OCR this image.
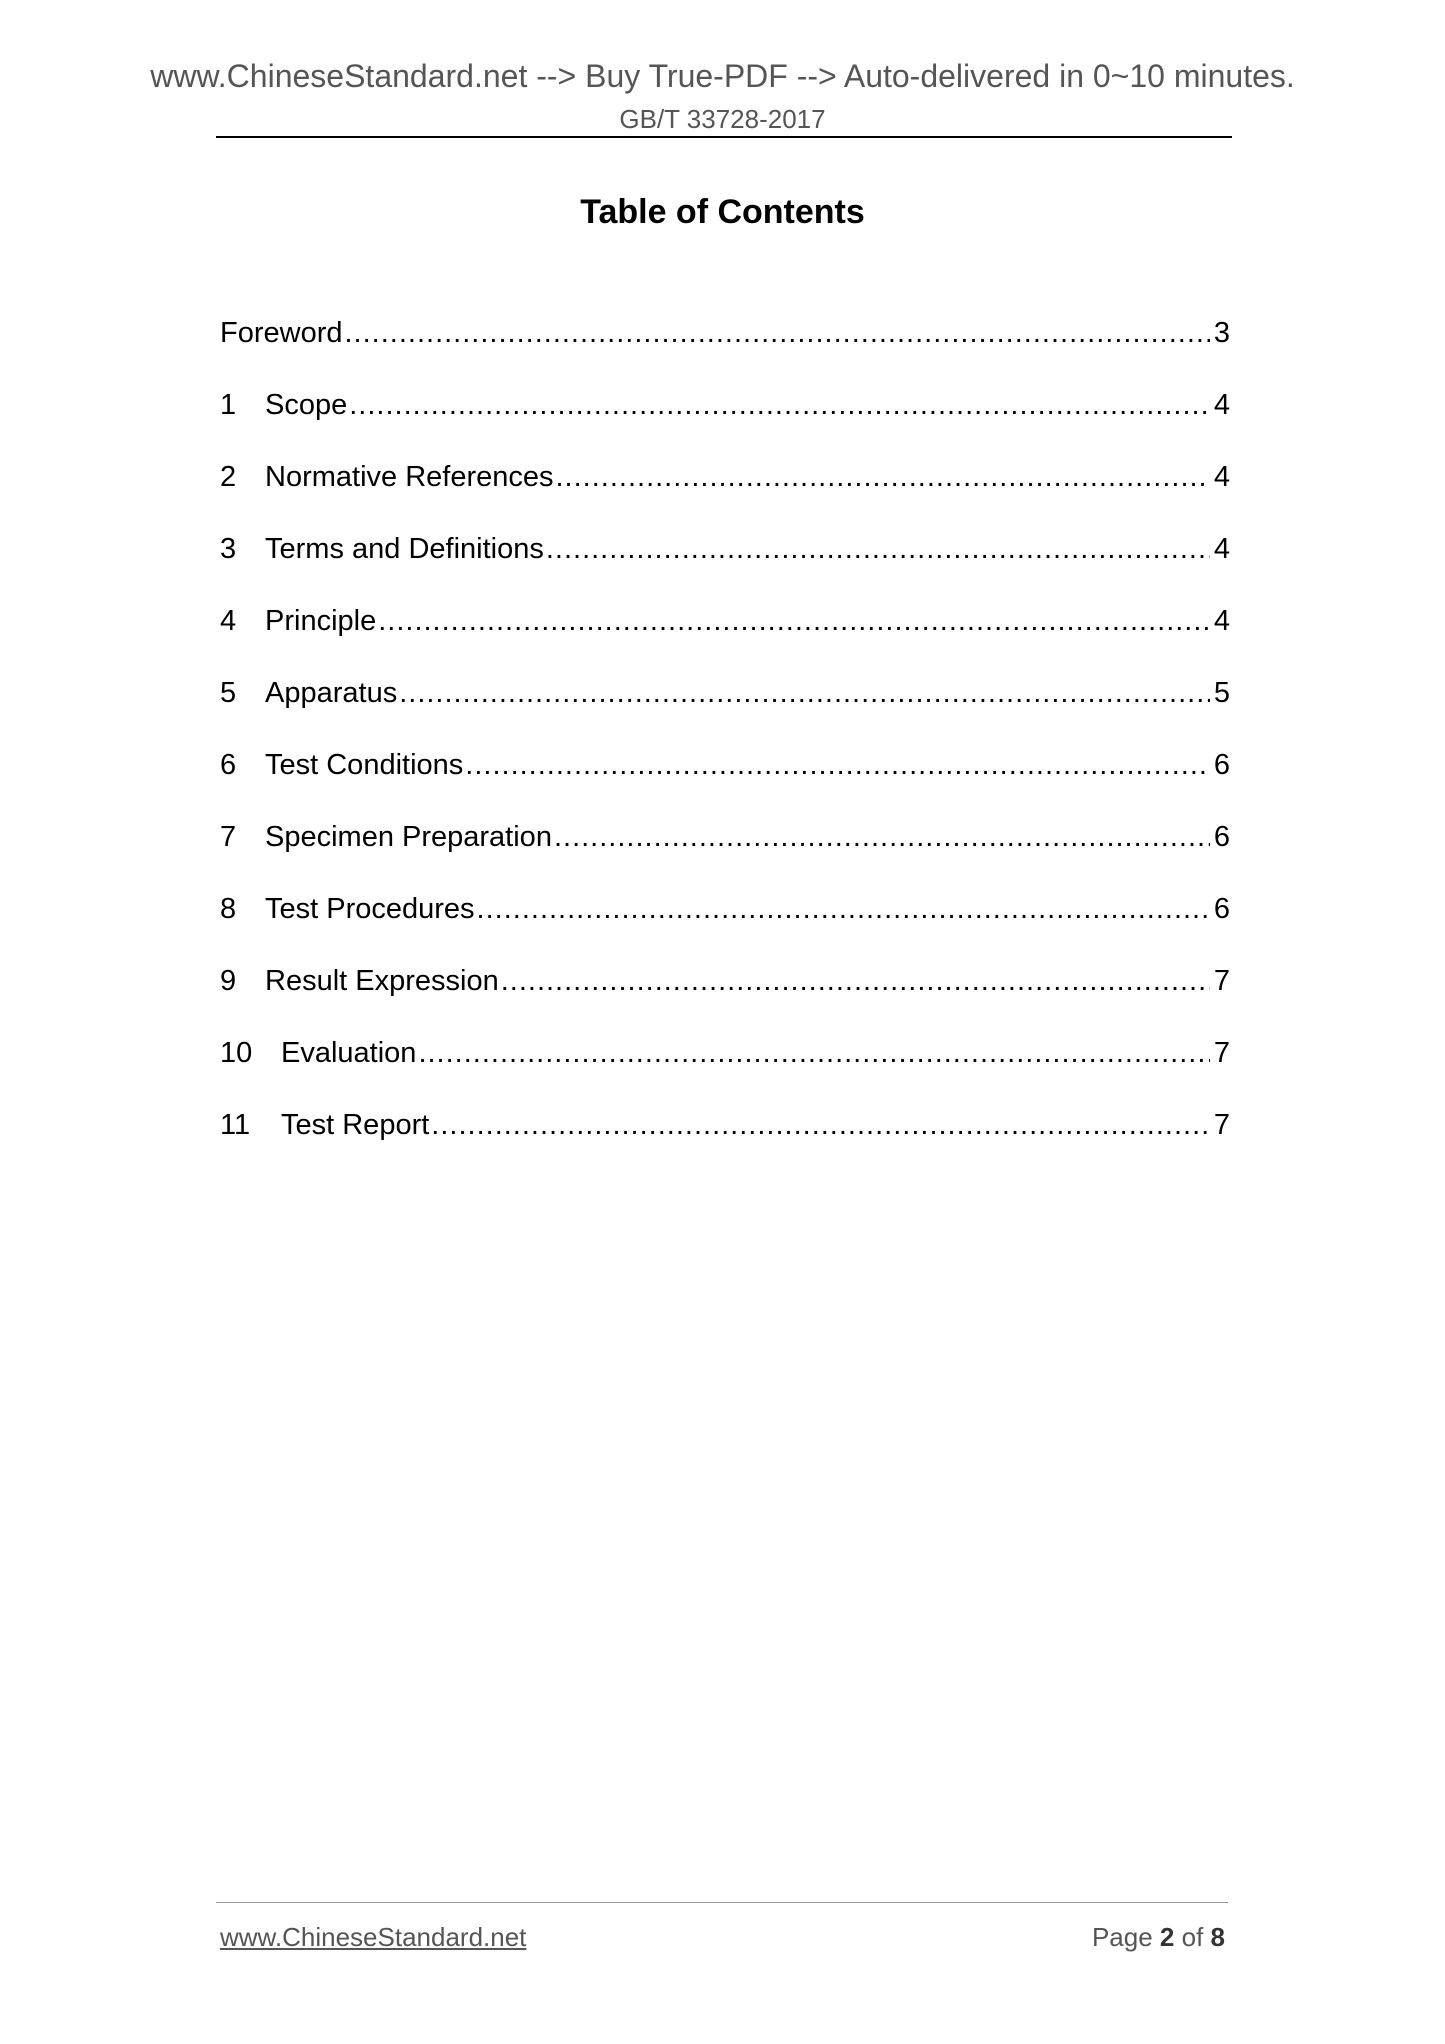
www.ChineseStandard.net --> Buy True-PDF --> Auto-delivered in 0~10 minutes.
GB/T 33728-2017
Table of Contents
Foreword .....	3
1 Scope .....	4
2 Normative References .....	4
3 Terms and Definitions .....	4
4 Principle .....	4
5 Apparatus .....	5
6 Test Conditions .....	6
7 Specimen Preparation .....	6
8 Test Procedures .....	6
9 Result Expression .....	7
10 Evaluation .....	7
11	Test Report .....	7
www.ChineseStandard.net	Page 2 of 8
